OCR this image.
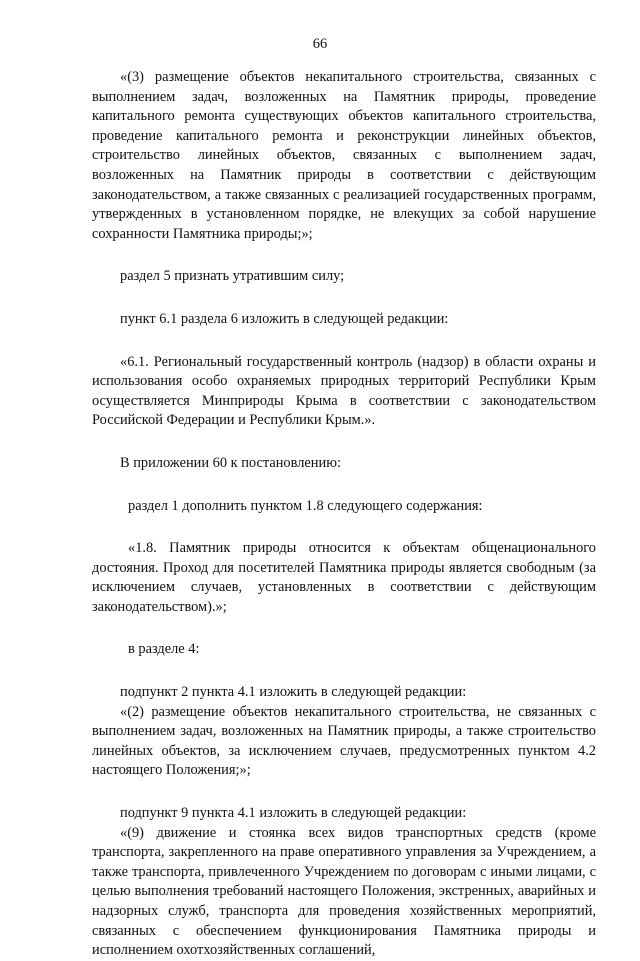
66

«(3) размещение объектов некапитального строительства, связанных с выполнением задач, возложенных на Памятник природы, проведение капитального ремонта существующих объектов капитального строительства, проведение капитального ремонта и реконструкции линейных объектов, строительство линейных объектов, связанных с выполнением задач, возложенных на Памятник природы в соответствии с действующим законодательством, а также связанных с реализацией государственных программ, утвержденных в установленном порядке, не влекущих за собой нарушение сохранности Памятника природы;»;

раздел 5 признать утратившим силу;

пункт 6.1 раздела 6 изложить в следующей редакции:

«6.1. Региональный государственный контроль (надзор) в области охраны и использования особо охраняемых природных территорий Республики Крым осуществляется Минприроды Крыма в соответствии с законодательством Российской Федерации и Республики Крым.».

В приложении 60 к постановлению:

раздел 1 дополнить пунктом 1.8 следующего содержания:

«1.8. Памятник природы относится к объектам общенационального достояния. Проход для посетителей Памятника природы является свободным (за исключением случаев, установленных в соответствии с действующим законодательством).»;

в разделе 4:

подпункт 2 пункта 4.1 изложить в следующей редакции:

«(2) размещение объектов некапитального строительства, не связанных с выполнением задач, возложенных на Памятник природы, а также строительство линейных объектов, за исключением случаев, предусмотренных пунктом 4.2 настоящего Положения;»;

подпункт 9 пункта 4.1 изложить в следующей редакции:

«(9) движение и стоянка всех видов транспортных средств (кроме транспорта, закрепленного на праве оперативного управления за Учреждением, а также транспорта, привлеченного Учреждением по договорам с иными лицами, с целью выполнения требований настоящего Положения, экстренных, аварийных и надзорных служб, транспорта для проведения хозяйственных мероприятий, связанных с обеспечением функционирования Памятника природы и исполнением охотхозяйственных соглашений,
